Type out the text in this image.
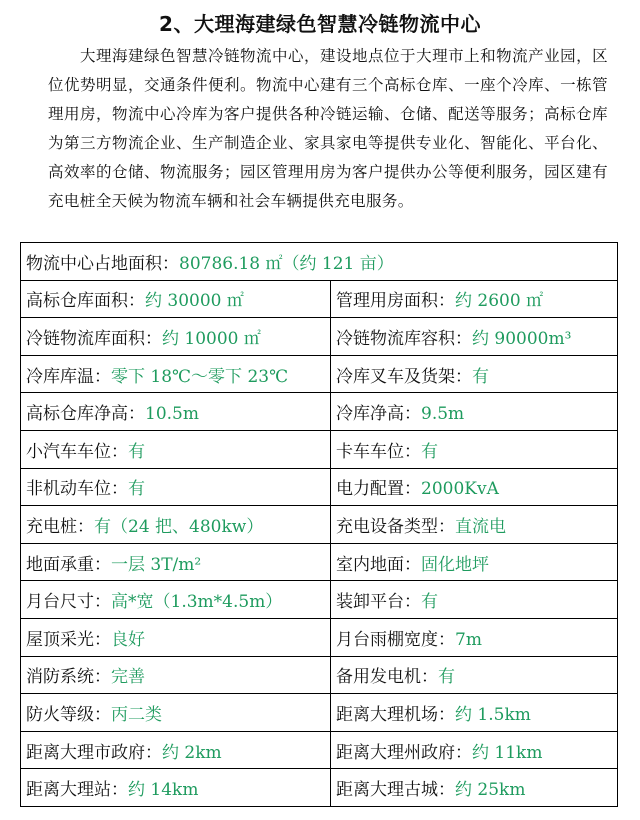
2、大理海建绿色智慧冷链物流中心
大理海建绿色智慧冷链物流中心，建设地点位于大理市上和物流产业园，区位优势明显，交通条件便利。物流中心建有三个高标仓库、一座个冷库、一栋管理用房，物流中心冷库为客户提供各种冷链运输、仓储、配送等服务；高标仓库为第三方物流企业、生产制造企业、家具家电等提供专业化、智能化、平台化、高效率的仓储、物流服务；园区管理用房为客户提供办公等便利服务，园区建有充电桩全天候为物流车辆和社会车辆提供充电服务。
物流中心占地面积：80786.18 ㎡（约 121 亩）	
高标仓库面积：约 30000 ㎡	管理用房面积：约 2600 ㎡
冷链物流库面积：约 10000 ㎡	冷链物流库容积：约 90000m³
冷库库温：零下 18℃～零下 23℃	冷库叉车及货架：有
高标仓库净高：10.5m	冷库净高：9.5m
小汽车车位：有	卡车车位：有
非机动车位：有	电力配置：2000KvA
充电桩：有（24 把、480kw）	充电设备类型：直流电
地面承重：一层 3T/m²	室内地面：固化地坪
月台尺寸：高*宽（1.3m*4.5m）	装卸平台：有
屋顶采光：良好	月台雨棚宽度：7m
消防系统：完善	备用发电机：有
防火等级：丙二类	距离大理机场：约 1.5km
距离大理市政府：约 2km	距离大理州政府：约 11km
距离大理站：约 14km	距离大理古城：约 25km
